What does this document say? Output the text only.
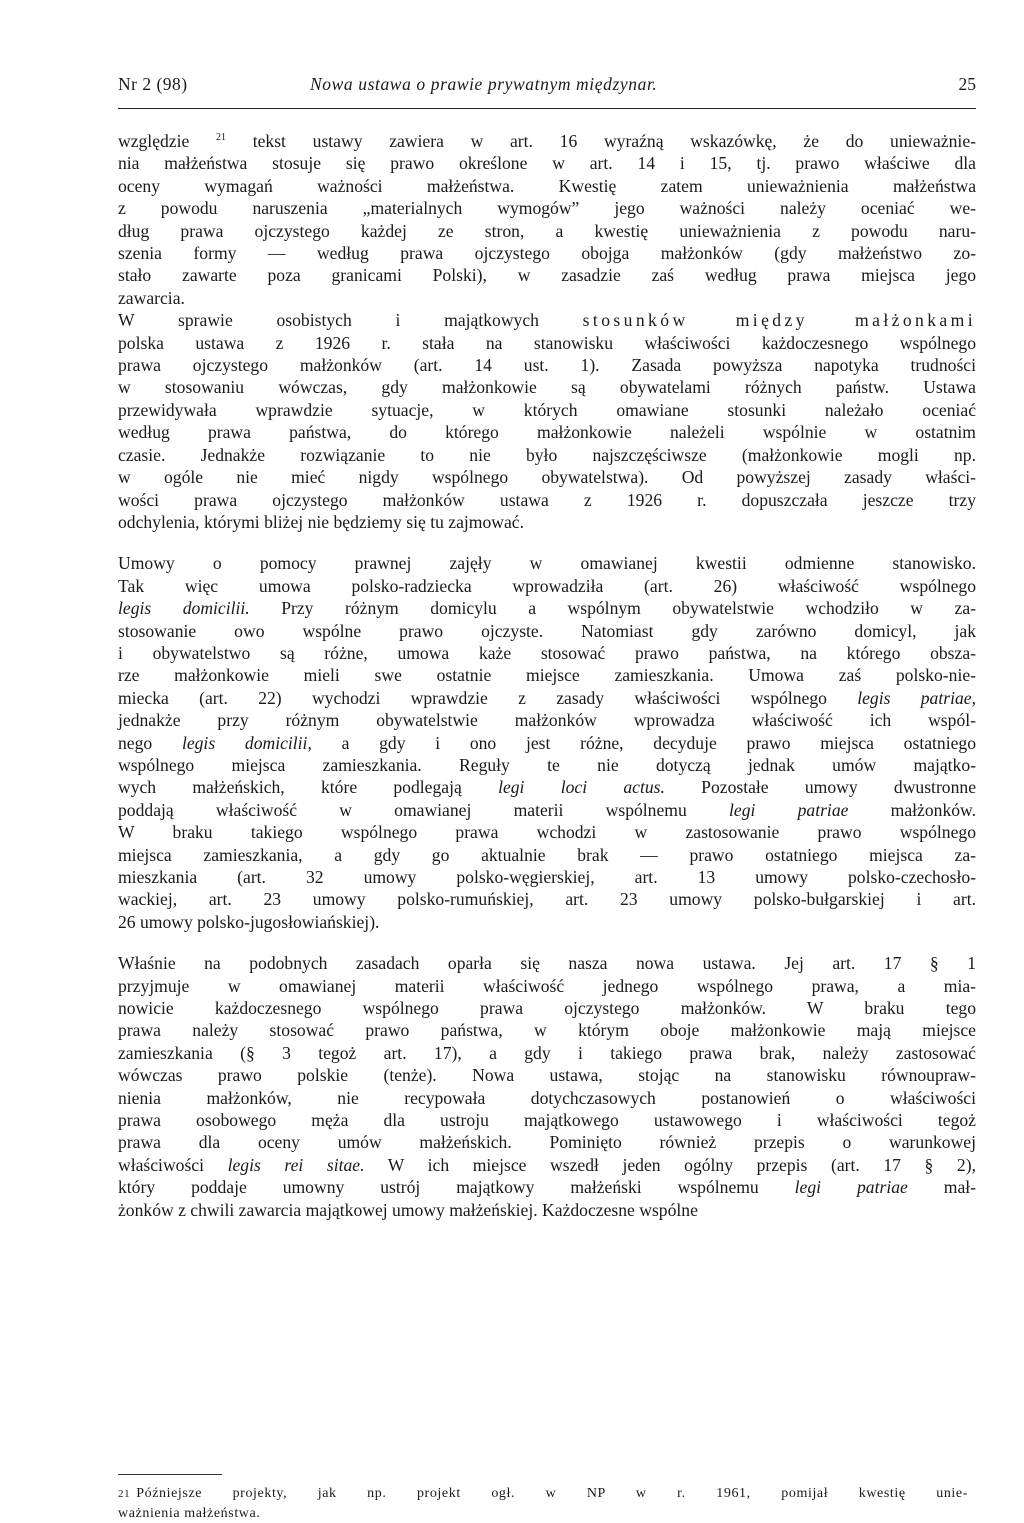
Nr 2 (98)	Nowa ustawa o prawie prywatnym międzynar.	25

względzie $^{21}$ tekst ustawy zawiera w art. 16 wyraźną wskazówkę, że do unieważnie-
nia małżeństwa stosuje się prawo określone w art. 14 i 15, tj. prawo właściwe dla
oceny wymagań ważności małżeństwa. Kwestię zatem unieważnienia małżeństwa
z powodu naruszenia „materialnych wymogów” jego ważności należy oceniać we-
dług prawa ojczystego każdej ze stron, a kwestię unieważnienia z powodu naru-
szenia formy — według prawa ojczystego obojga małżonków (gdy małżeństwo zo-
stało zawarte poza granicami Polski), w zasadzie zaś według prawa miejsca jego
zawarcia.

W sprawie osobistych i majątkowych stosunków między małżonkami
polska ustawa z 1926 r. stała na stanowisku właściwości każdoczesnego wspólnego
prawa ojczystego małżonków (art. 14 ust. 1). Zasada powyższa napotyka trudności
w stosowaniu wówczas, gdy małżonkowie są obywatelami różnych państw. Ustawa
przewidywała wprawdzie sytuacje, w których omawiane stosunki należało oceniać
według prawa państwa, do którego małżonkowie należeli wspólnie w ostatnim
czasie. Jednakże rozwiązanie to nie było najszczęściwsze (małżonkowie mogli np.
w ogóle nie mieć nigdy wspólnego obywatelstwa). Od powyższej zasady właści-
wości prawa ojczystego małżonków ustawa z 1926 r. dopuszczała jeszcze trzy
odchylenia, którymi bliżej nie będziemy się tu zajmować.

Umowy o pomocy prawnej zajęły w omawianej kwestii odmienne stanowisko.
Tak więc umowa polsko-radziecka wprowadziła (art. 26) właściwość wspólnego
legis domicilii. Przy różnym domicylu a wspólnym obywatelstwie wchodziło w za-
stosowanie owo wspólne prawo ojczyste. Natomiast gdy zarówno domicyl, jak
i obywatelstwo są różne, umowa każe stosować prawo państwa, na którego obsza-
rze małżonkowie mieli swe ostatnie miejsce zamieszkania. Umowa zaś polsko-nie-
miecka (art. 22) wychodzi wprawdzie z zasady właściwości wspólnego legis patriae,
jednakże przy różnym obywatelstwie małżonków wprowadza właściwość ich wspól-
nego legis domicilii, a gdy i ono jest różne, decyduje prawo miejsca ostatniego
wspólnego miejsca zamieszkania. Reguły te nie dotyczą jednak umów majątko-
wych małżeńskich, które podlegają legi loci actus. Pozostałe umowy dwustronne
poddają właściwość w omawianej materii wspólnemu legi patriae małżonków.
W braku takiego wspólnego prawa wchodzi w zastosowanie prawo wspólnego
miejsca zamieszkania, a gdy go aktualnie brak — prawo ostatniego miejsca za-
mieszkania (art. 32 umowy polsko-węgierskiej, art. 13 umowy polsko-czechosło-
wackiej, art. 23 umowy polsko-rumuńskiej, art. 23 umowy polsko-bułgarskiej i art.
26 umowy polsko-jugosłowiańskiej).

Właśnie na podobnych zasadach oparła się nasza nowa ustawa. Jej art. 17 § 1
przyjmuje w omawianej materii właściwość jednego wspólnego prawa, a mia-
nowicie każdoczesnego wspólnego prawa ojczystego małżonków. W braku tego
prawa należy stosować prawo państwa, w którym oboje małżonkowie mają miejsce
zamieszkania (§ 3 tegoż art. 17), a gdy i takiego prawa brak, należy zastosować
wówczas prawo polskie (tenże). Nowa ustawa, stojąc na stanowisku równoupraw-
nienia małżonków, nie recypowała dotychczasowych postanowień o właściwości
prawa osobowego męża dla ustroju majątkowego ustawowego i właściwości tegoż
prawa dla oceny umów małżeńskich. Pominięto również przepis o warunkowej
właściwości legis rei sitae. W ich miejsce wszedł jeden ogólny przepis (art. 17 § 2),
który poddaje umowny ustrój majątkowy małżeński wspólnemu legi patriae mał-
żonków z chwili zawarcia majątkowej umowy małżeńskiej. Każdoczesne wspólne

21 Późniejsze projekty, jak np. projekt ogł. w NP w r. 1961, pomijał kwestię unie-
ważnienia małżeństwa.
